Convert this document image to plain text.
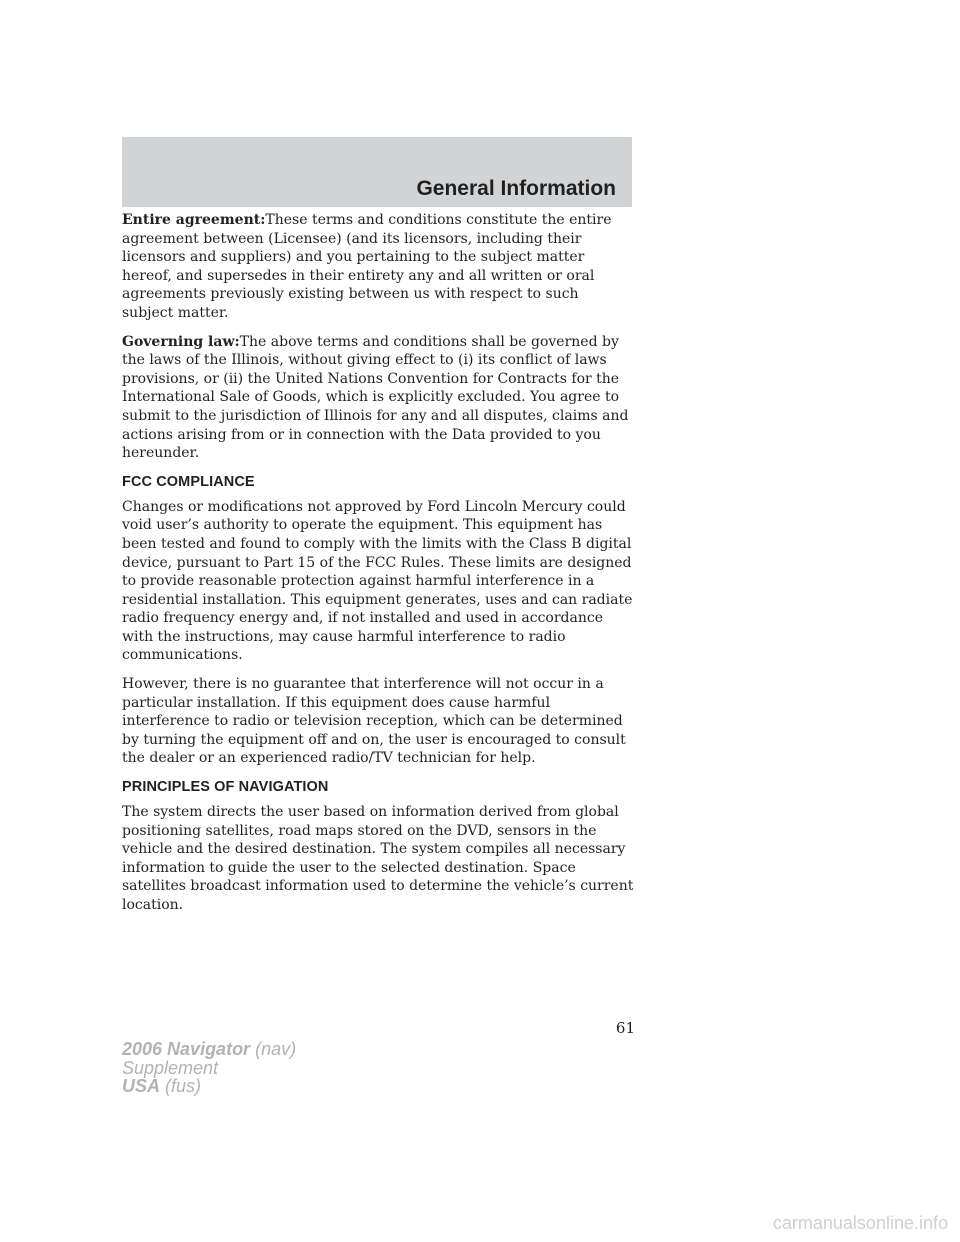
General Information

Entire agreement:These terms and conditions constitute the entire agreement between (Licensee) (and its licensors, including their licensors and suppliers) and you pertaining to the subject matter hereof, and supersedes in their entirety any and all written or oral agreements previously existing between us with respect to such subject matter.

Governing law:The above terms and conditions shall be governed by the laws of the Illinois, without giving effect to (i) its conflict of laws provisions, or (ii) the United Nations Convention for Contracts for the International Sale of Goods, which is explicitly excluded. You agree to submit to the jurisdiction of Illinois for any and all disputes, claims and actions arising from or in connection with the Data provided to you hereunder.

FCC COMPLIANCE

Changes or modifications not approved by Ford Lincoln Mercury could void user’s authority to operate the equipment. This equipment has been tested and found to comply with the limits with the Class B digital device, pursuant to Part 15 of the FCC Rules. These limits are designed to provide reasonable protection against harmful interference in a residential installation. This equipment generates, uses and can radiate radio frequency energy and, if not installed and used in accordance with the instructions, may cause harmful interference to radio communications.

However, there is no guarantee that interference will not occur in a particular installation. If this equipment does cause harmful interference to radio or television reception, which can be determined by turning the equipment off and on, the user is encouraged to consult the dealer or an experienced radio/TV technician for help.

PRINCIPLES OF NAVIGATION

The system directs the user based on information derived from global positioning satellites, road maps stored on the DVD, sensors in the vehicle and the desired destination. The system compiles all necessary information to guide the user to the selected destination. Space satellites broadcast information used to determine the vehicle’s current location.

61
2006 Navigator (nav)
Supplement
USA (fus)
carmanualsonline.info
